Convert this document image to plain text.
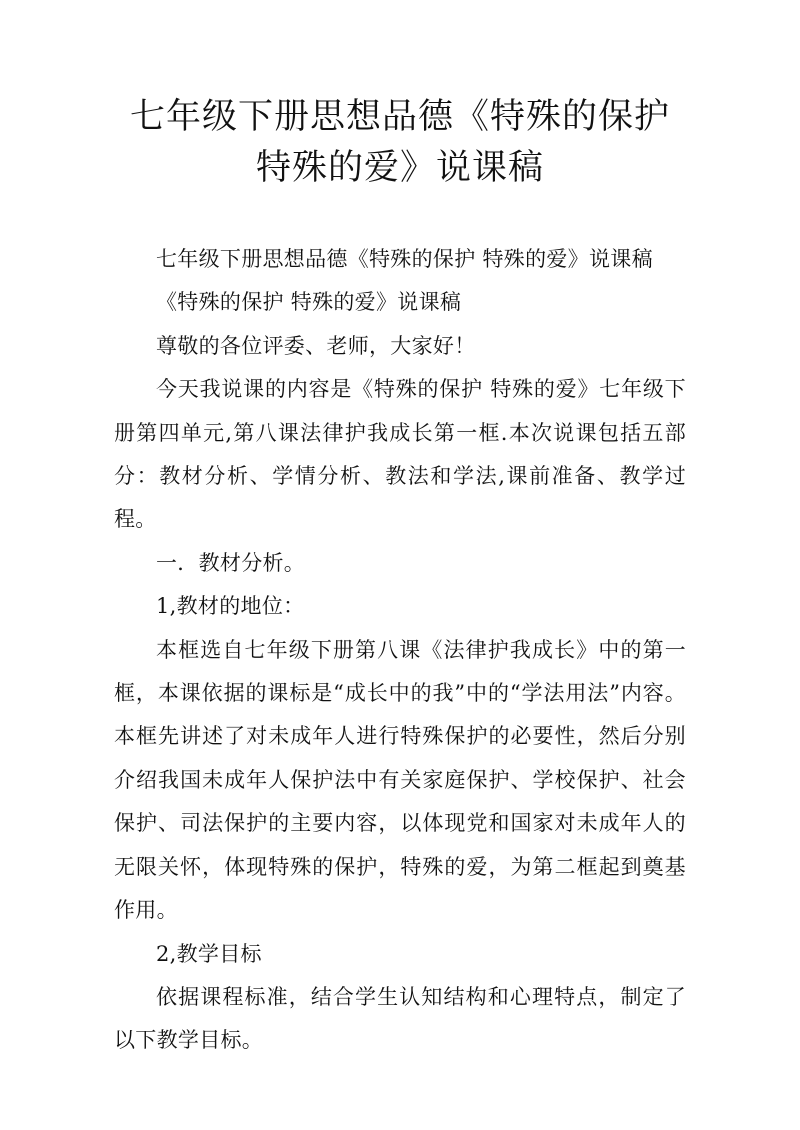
七年级下册思想品德《特殊的保护 特殊的爱》说课稿

七年级下册思想品德《特殊的保护 特殊的爱》说课稿

《特殊的保护 特殊的爱》说课稿

尊敬的各位评委、老师，大家好！

今天我说课的内容是《特殊的保护 特殊的爱》七年级下册第四单元,第八课法律护我成长第一框.本次说课包括五部分：教材分析、学情分析、教法和学法,课前准备、教学过程。

一．教材分析。

1,教材的地位：

本框选自七年级下册第八课《法律护我成长》中的第一框，本课依据的课标是“成长中的我”中的“学法用法”内容。本框先讲述了对未成年人进行特殊保护的必要性，然后分别介绍我国未成年人保护法中有关家庭保护、学校保护、社会保护、司法保护的主要内容，以体现党和国家对未成年人的无限关怀，体现特殊的保护，特殊的爱，为第二框起到奠基作用。

2,教学目标

依据课程标准，结合学生认知结构和心理特点，制定了以下教学目标。
